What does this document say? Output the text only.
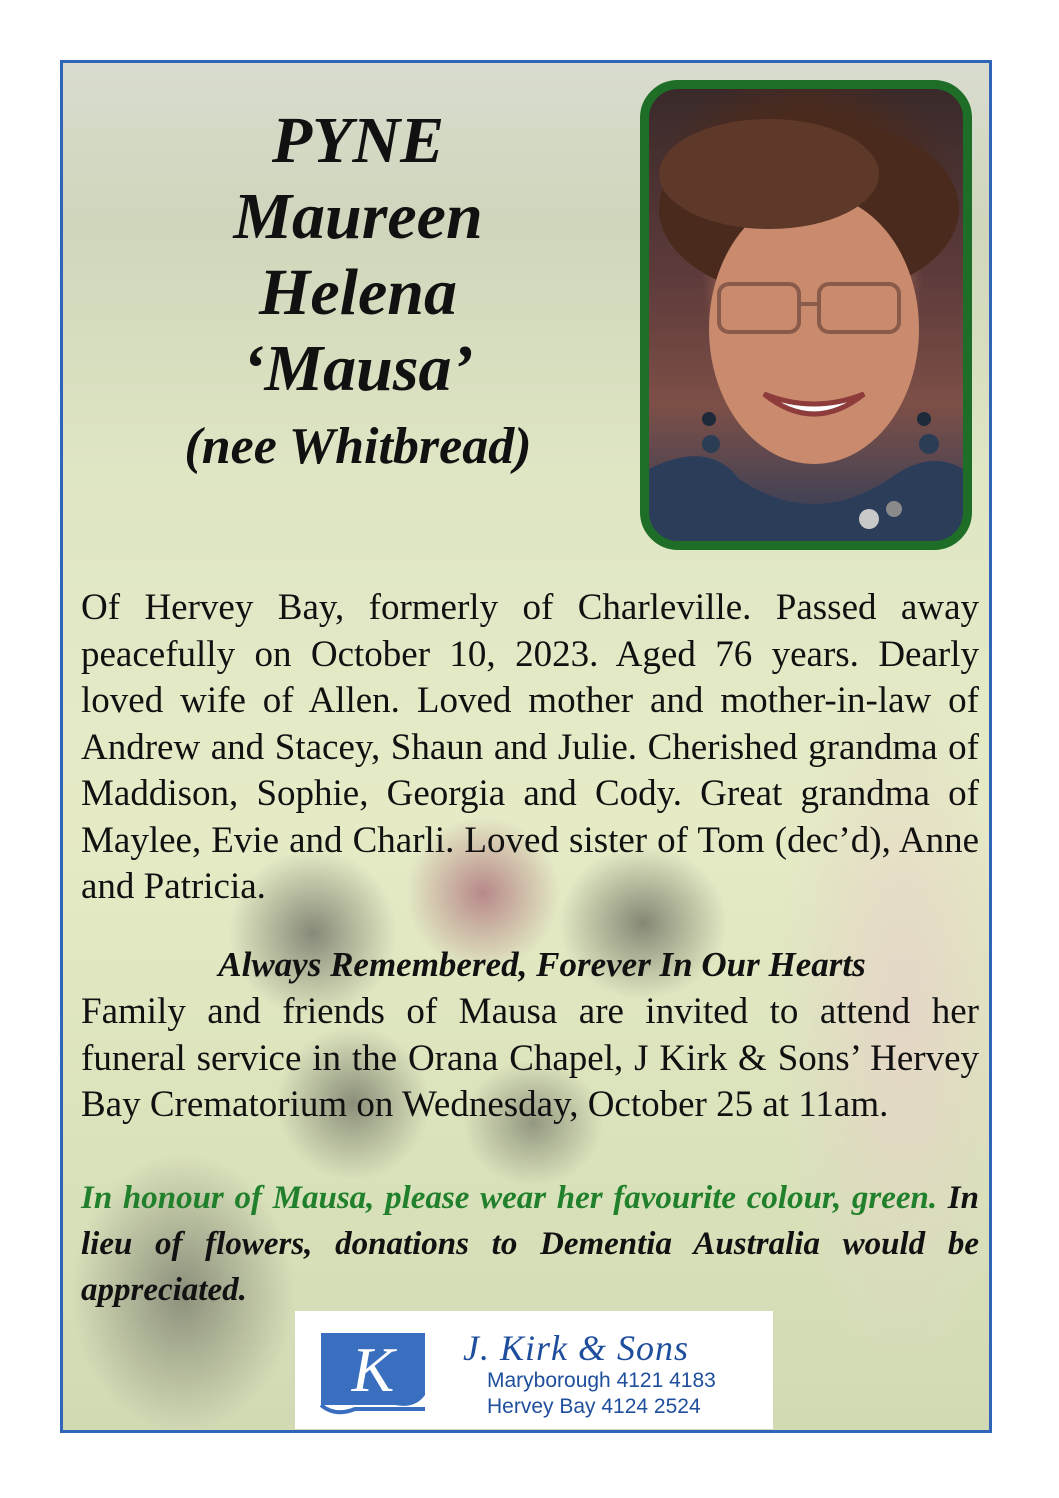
PYNE
Maureen
Helena
‘Mausa’
(nee Whitbread)
Of Hervey Bay, formerly of Charleville. Passed away peacefully on October 10, 2023. Aged 76 years. Dearly loved wife of Allen. Loved mother and mother-in-law of Andrew and Stacey, Shaun and Julie. Cherished grandma of Maddison, Sophie, Georgia and Cody. Great grandma of Maylee, Evie and Charli. Loved sister of Tom (dec’d), Anne and Patricia.
Always Remembered, Forever In Our Hearts
Family and friends of Mausa are invited to attend her funeral service in the Orana Chapel, J Kirk & Sons’ Hervey Bay Crematorium on Wednesday, October 25 at 11am.
In honour of Mausa, please wear her favourite colour, green. In lieu of flowers, donations to Dementia Australia would be appreciated.
K J. Kirk & Sons
Maryborough 4121 4183
Hervey Bay 4124 2524
